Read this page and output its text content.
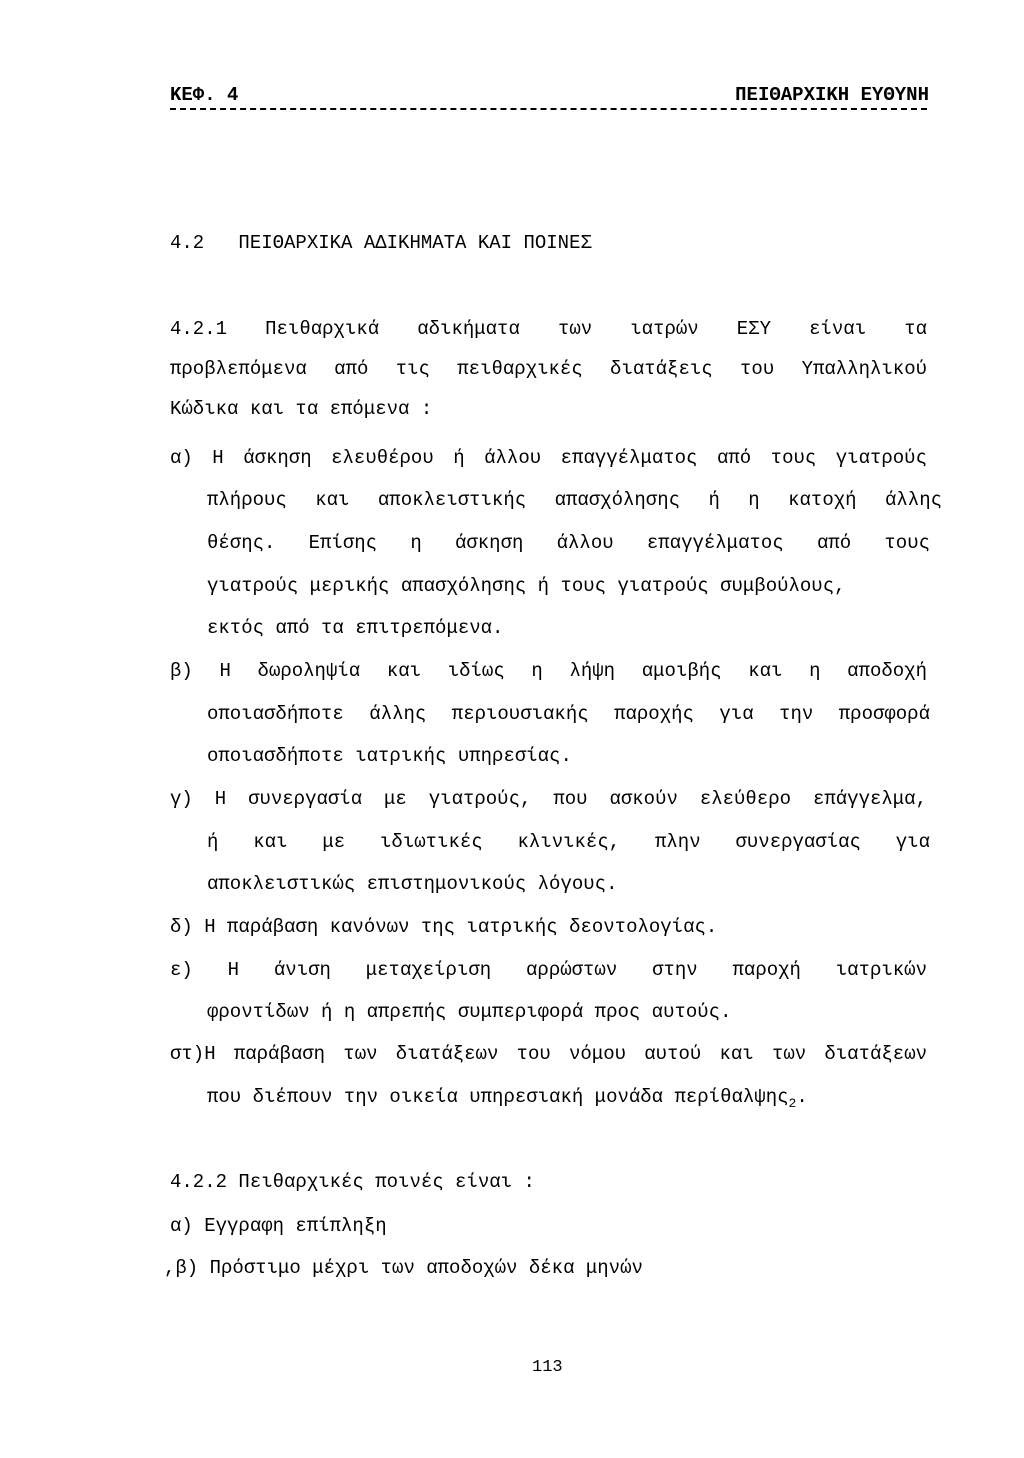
ΚΕΦ. 4	ΠΕΙΘΑΡΧΙΚΗ ΕΥΘΥΝΗ
4.2   ΠΕΙΘΑΡΧΙΚΑ ΑΔΙΚΗΜΑΤΑ ΚΑΙ ΠΟΙΝΕΣ
4.2.1 Πειθαρχικά αδικήματα των ιατρών ΕΣΥ είναι τα
προβλεπόμενα από τις πειθαρχικές διατάξεις του Υπαλληλικού
Κώδικα και τα επόμενα :
α) Η άσκηση ελευθέρου ή άλλου επαγγέλματος από τους γιατρούς
πλήρους και αποκλειστικής απασχόλησης ή η κατοχή άλλης
θέσης. Επίσης η άσκηση άλλου επαγγέλματος από τους
γιατρούς μερικής απασχόλησης ή τους γιατρούς συμβούλους,
εκτός από τα επιτρεπόμενα.
β) Η δωροληψία και ιδίως η λήψη αμοιβής και η αποδοχή
οποιασδήποτε άλλης περιουσιακής παροχής για την προσφορά
οποιασδήποτε ιατρικής υπηρεσίας.
γ) Η συνεργασία με γιατρούς, που ασκούν ελεύθερο επάγγελμα,
ή και με ιδιωτικές κλινικές, πλην συνεργασίας για
αποκλειστικώς επιστημονικούς λόγους.
δ) Η παράβαση κανόνων της ιατρικής δεοντολογίας.
ε) Η άνιση μεταχείριση αρρώστων στην παροχή ιατρικών
φροντίδων ή η απρεπής συμπεριφορά προς αυτούς.
στ)Η παράβαση των διατάξεων του νόμου αυτού και των διατάξεων
που διέπουν την οικεία υπηρεσιακή μονάδα περίθαλψης$_2$.
4.2.2 Πειθαρχικές ποινές είναι :
α) Εγγραφη επίπληξη
,β) Πρόστιμο μέχρι των αποδοχών δέκα μηνών
113
